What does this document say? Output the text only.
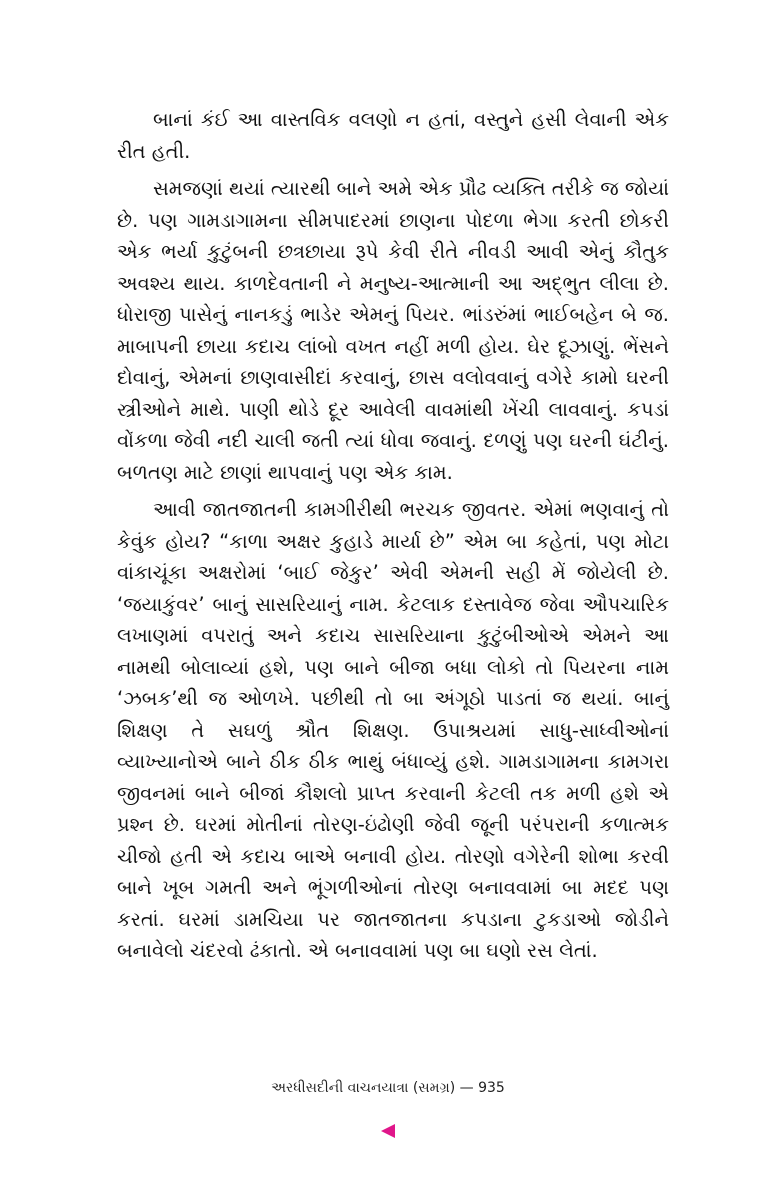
બાનાં કંઈ આ વાસ્તવિક વલણો ન હતાં, વસ્તુને હસી લેવાની એક રીત હતી.

સમજણાં થયાં ત્યારથી બાને અમે એક પ્રૌઢ વ્યક્તિ તરીકે જ જોયાં છે. પણ ગામડાગામના સીમપાદરમાં છાણના પોદળા ભેગા કરતી છોકરી એક ભર્યા કુટુંબની છત્રછાયા રૂપે કેવી રીતે નીવડી આવી એનું કૌતુક અવશ્ય થાય. કાળદેવતાની ને મનુષ્ય-આત્માની આ અદ્‌ભુત લીલા છે. ધોરાજી પાસેનું નાનકડું ભાડેર એમનું પિયર. ભાંડરુંમાં ભાઈબહેન બે જ. માબાપની છાયા કદાચ લાંબો વખત નહીં મળી હોય. ઘેર દૂઝાણું. ભેંસને દોવાનું, એમનાં છાણવાસીદાં કરવાનું, છાસ વલોવવાનું વગેરે કામો ઘરની સ્ત્રીઓને માથે. પાણી થોડે દૂર આવેલી વાવમાંથી ખેંચી લાવવાનું. કપડાં વોંકળા જેવી નદી ચાલી જતી ત્યાં ધોવા જવાનું. દળણું પણ ઘરની ઘંટીનું. બળતણ માટે છાણાં થાપવાનું પણ એક કામ.

આવી જાતજાતની કામગીરીથી ભરચક જીવતર. એમાં ભણવાનું તો કેવુંક હોય? “કાળા અક્ષર કુહાડે માર્યા છે” એમ બા કહેતાં, પણ મોટા વાંકાચૂંકા અક્ષરોમાં ‘બાઈ જેકુર’ એવી એમની સહી મેં જોયેલી છે. ‘જયાકુંવર’ બાનું સાસરિયાનું નામ. કેટલાક દસ્તાવેજ જેવા ઔપચારિક લખાણમાં વપરાતું અને કદાચ સાસરિયાના કુટુંબીઓએ એમને આ નામથી બોલાવ્યાં હશે, પણ બાને બીજા બધા લોકો તો પિયરના નામ ‘ઝબક’થી જ ઓળખે. પછીથી તો બા અંગૂઠો પાડતાં જ થયાં. બાનું શિક્ષણ તે સઘળું શ્રૌત શિક્ષણ. ઉપાશ્રયમાં સાધુ-સાધ્વીઓનાં વ્યાખ્યાનોએ બાને ઠીક ઠીક ભાથું બંધાવ્યું હશે. ગામડાગામના કામગરા જીવનમાં બાને બીજાં કૌશલો પ્રાપ્ત કરવાની કેટલી તક મળી હશે એ પ્રશ્ન છે. ઘરમાં મોતીનાં તોરણ-ઇંઢોણી જેવી જૂની પરંપરાની કળાત્મક ચીજો હતી એ કદાચ બાએ બનાવી હોય. તોરણો વગેરેની શોભા કરવી બાને ખૂબ ગમતી અને ભૂંગળીઓનાં તોરણ બનાવવામાં બા મદદ પણ કરતાં. ઘરમાં ડામચિયા પર જાતજાતના કપડાના ટુકડાઓ જોડીને બનાવેલો ચંદરવો ઢંકાતો. એ બનાવવામાં પણ બા ઘણો રસ લેતાં.

અરધીસદીની વાચનયાત્રા (સમગ્ર) — 935
